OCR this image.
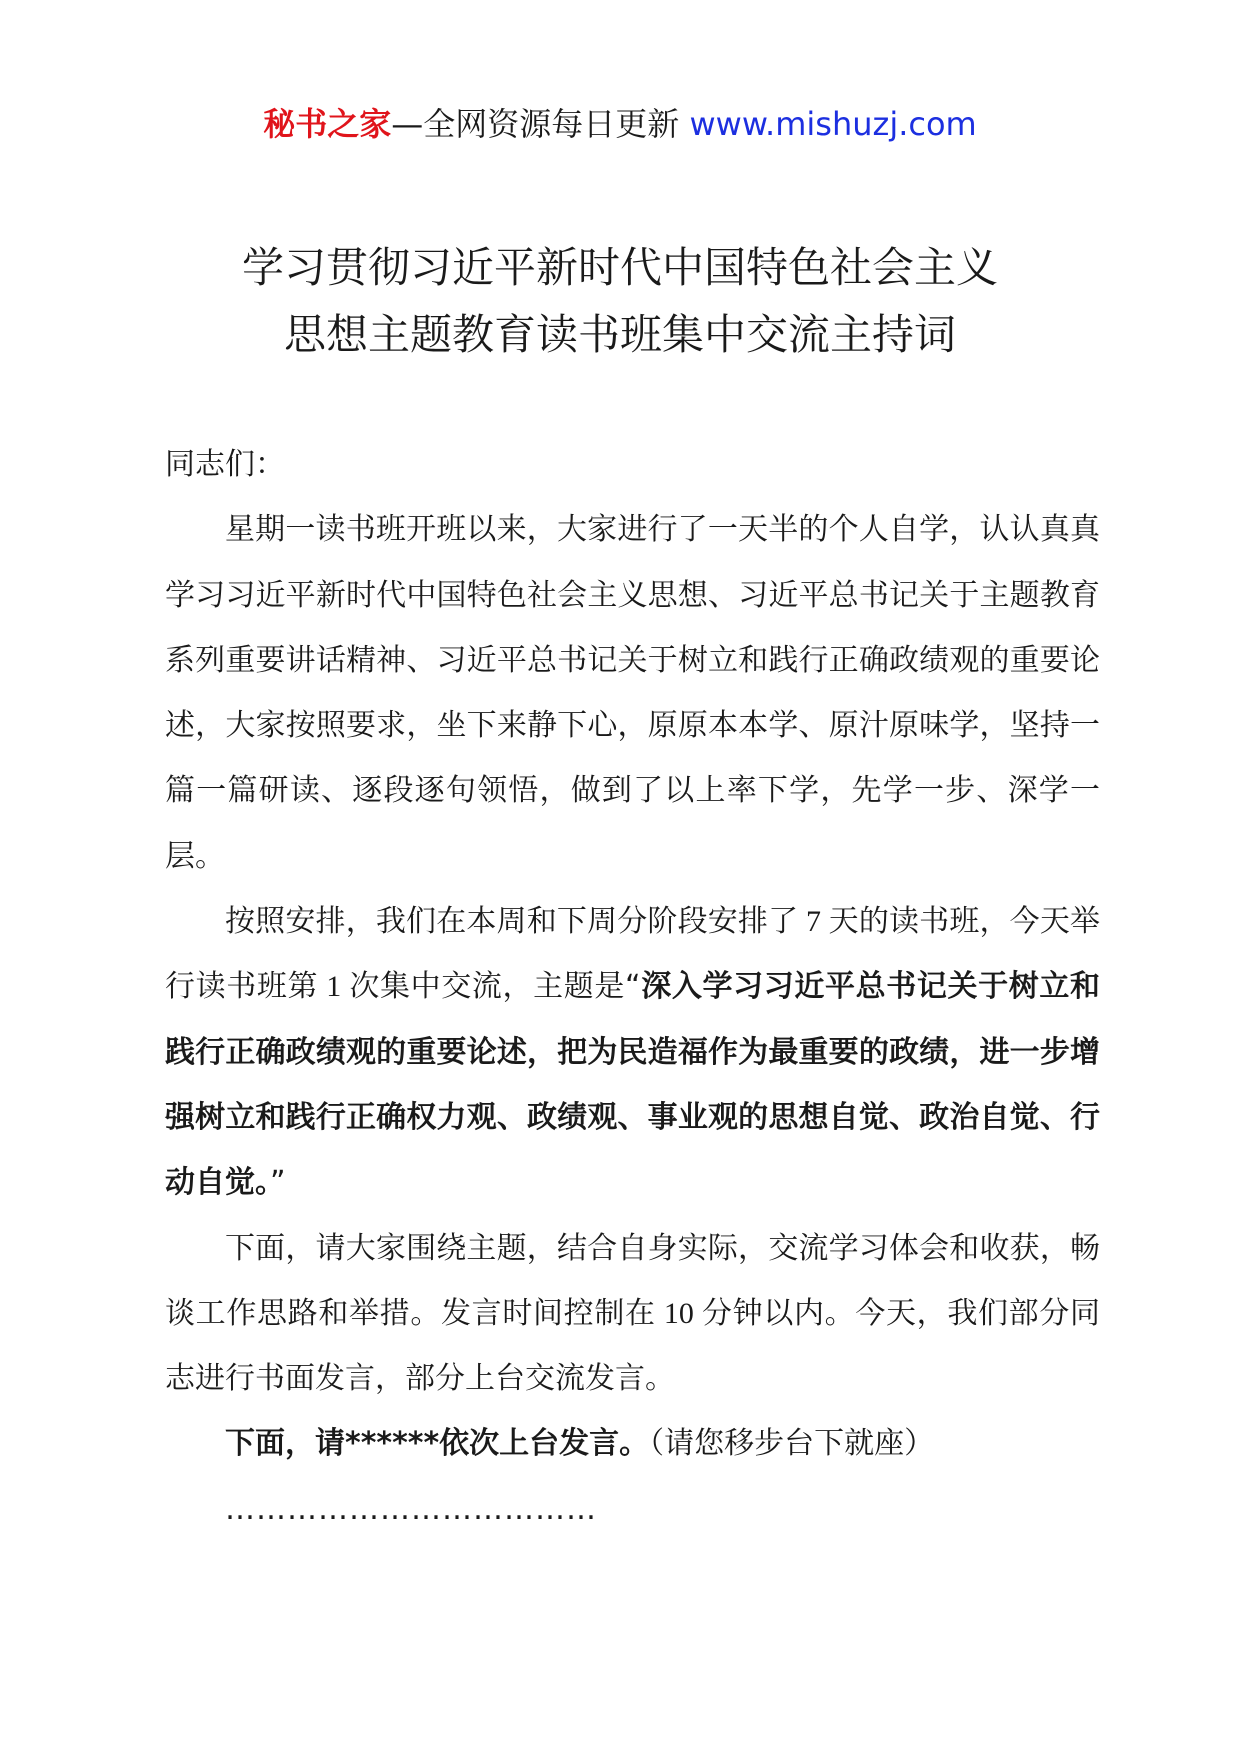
秘书之家—全网资源每日更新 www.mishuzj.com
学习贯彻习近平新时代中国特色社会主义
思想主题教育读书班集中交流主持词

同志们：

星期一读书班开班以来，大家进行了一天半的个人自学，认认真真学习习近平新时代中国特色社会主义思想、习近平总书记关于主题教育系列重要讲话精神、习近平总书记关于树立和践行正确政绩观的重要论述，大家按照要求，坐下来静下心，原原本本学、原汁原味学，坚持一篇一篇研读、逐段逐句领悟，做到了以上率下学，先学一步、深学一层。

按照安排，我们在本周和下周分阶段安排了 7 天的读书班，今天举行读书班第 1 次集中交流，主题是“深入学习习近平总书记关于树立和践行正确政绩观的重要论述，把为民造福作为最重要的政绩，进一步增强树立和践行正确权力观、政绩观、事业观的思想自觉、政治自觉、行动自觉。”

下面，请大家围绕主题，结合自身实际，交流学习体会和收获，畅谈工作思路和举措。发言时间控制在 10 分钟以内。今天，我们部分同志进行书面发言，部分上台交流发言。

下面，请******依次上台发言。（请您移步台下就座）

………………………………
